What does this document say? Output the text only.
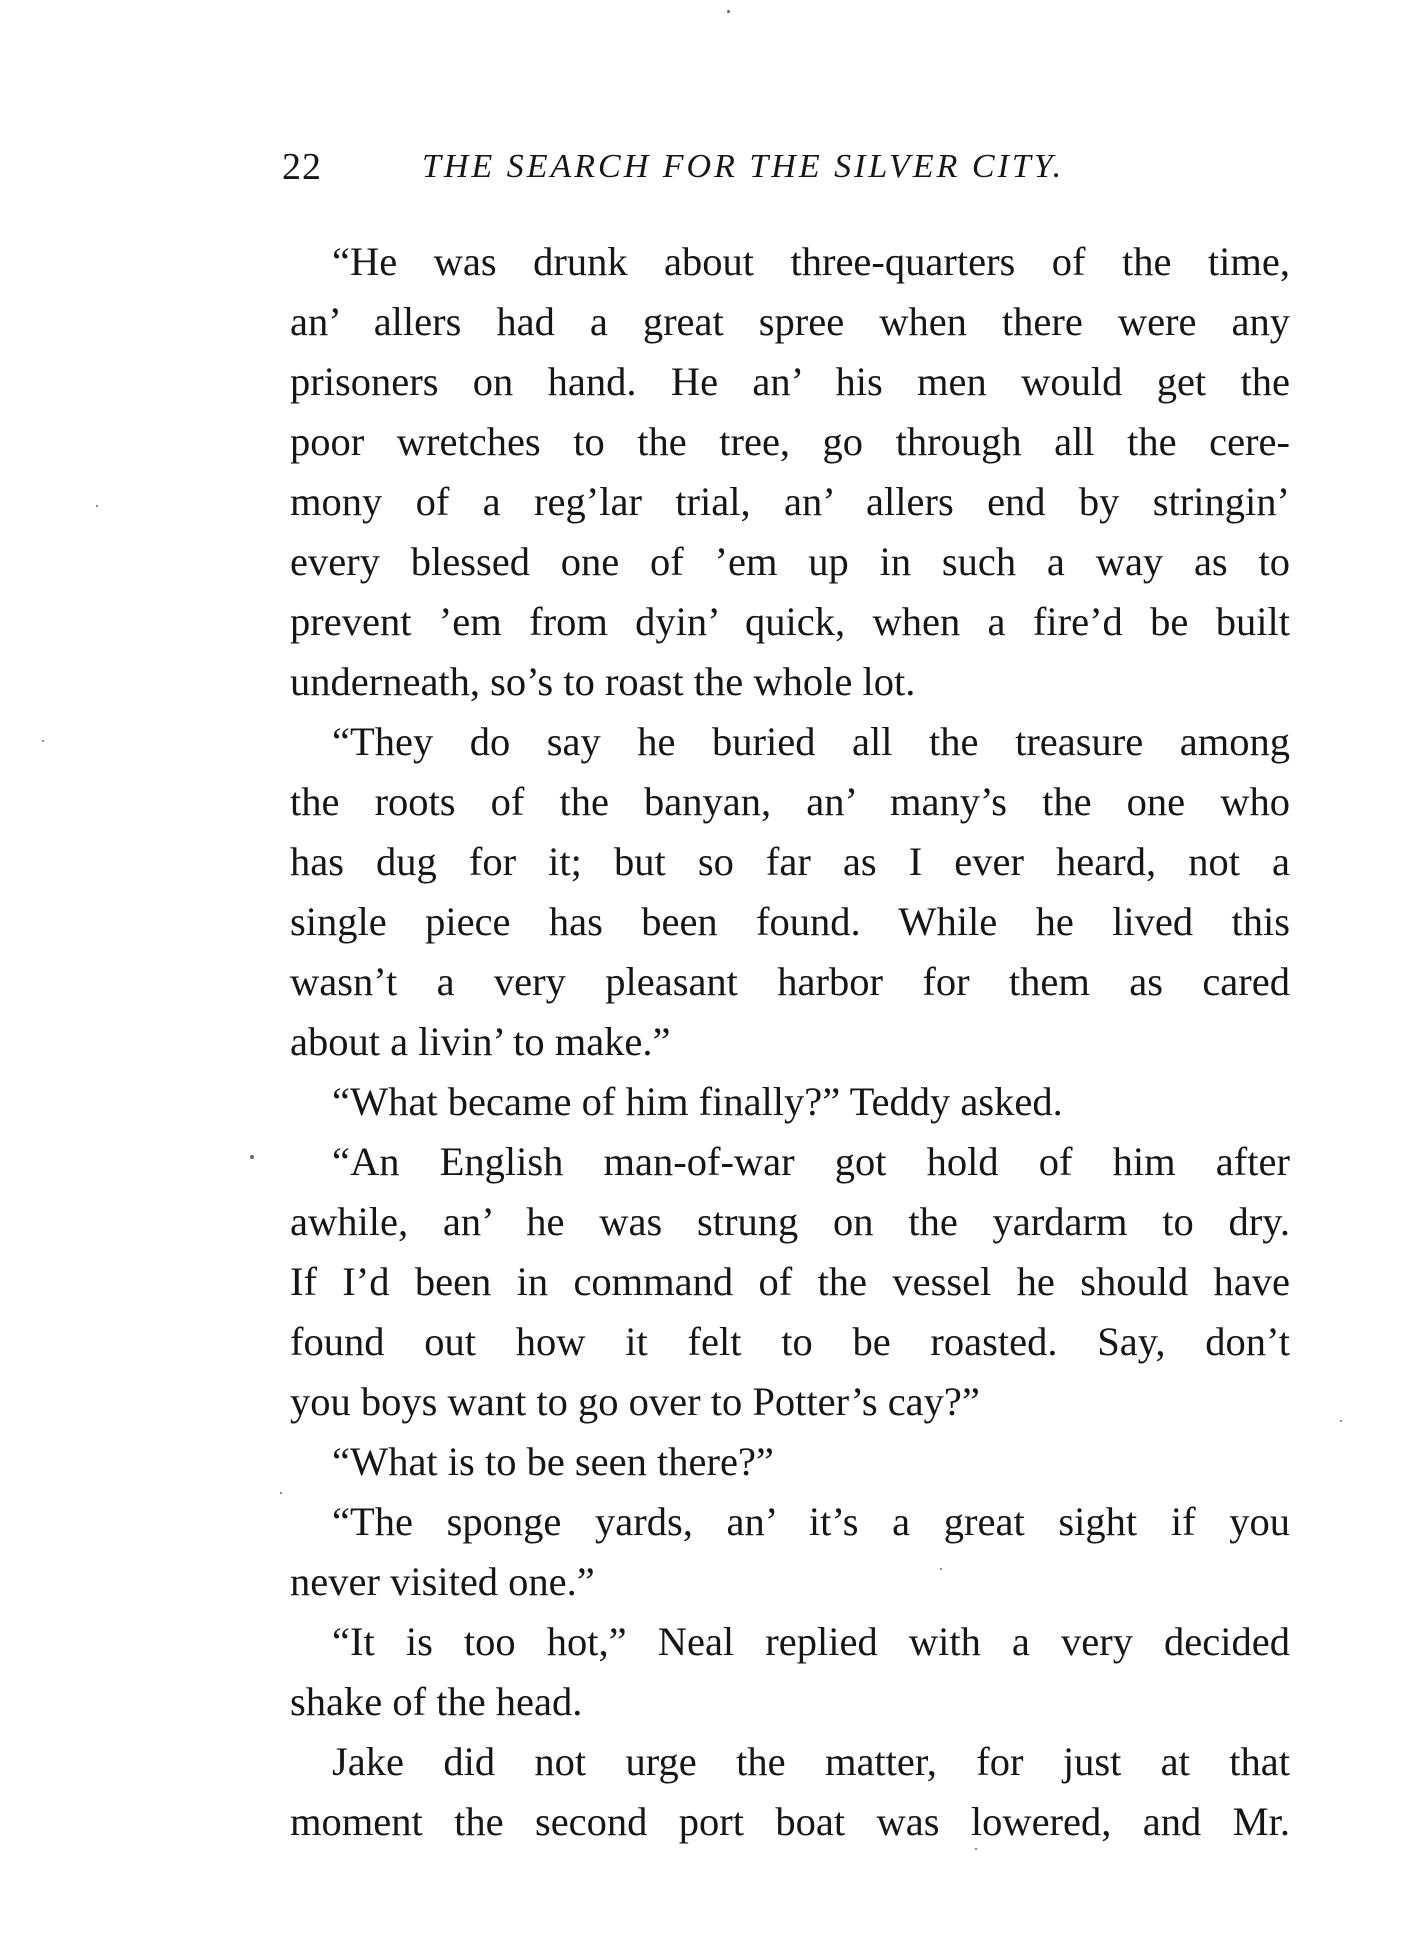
22	THE SEARCH FOR THE SILVER CITY.
“He was drunk about three-quarters of the time,
an’ allers had a great spree when there were any
prisoners on hand. He an’ his men would get the
poor wretches to the tree, go through all the cere-
mony of a reg’lar trial, an’ allers end by stringin’
every blessed one of ’em up in such a way as to
prevent ’em from dyin’ quick, when a fire’d be built
underneath, so’s to roast the whole lot.
“They do say he buried all the treasure among
the roots of the banyan, an’ many’s the one who
has dug for it; but so far as I ever heard, not a
single piece has been found. While he lived this
wasn’t a very pleasant harbor for them as cared
about a livin’ to make.”
“What became of him finally?” Teddy asked.
“An English man-of-war got hold of him after
awhile, an’ he was strung on the yardarm to dry.
If I’d been in command of the vessel he should have
found out how it felt to be roasted. Say, don’t
you boys want to go over to Potter’s cay?”
“What is to be seen there?”
“The sponge yards, an’ it’s a great sight if you
never visited one.”
“It is too hot,” Neal replied with a very decided
shake of the head.
Jake did not urge the matter, for just at that
moment the second port boat was lowered, and Mr.
